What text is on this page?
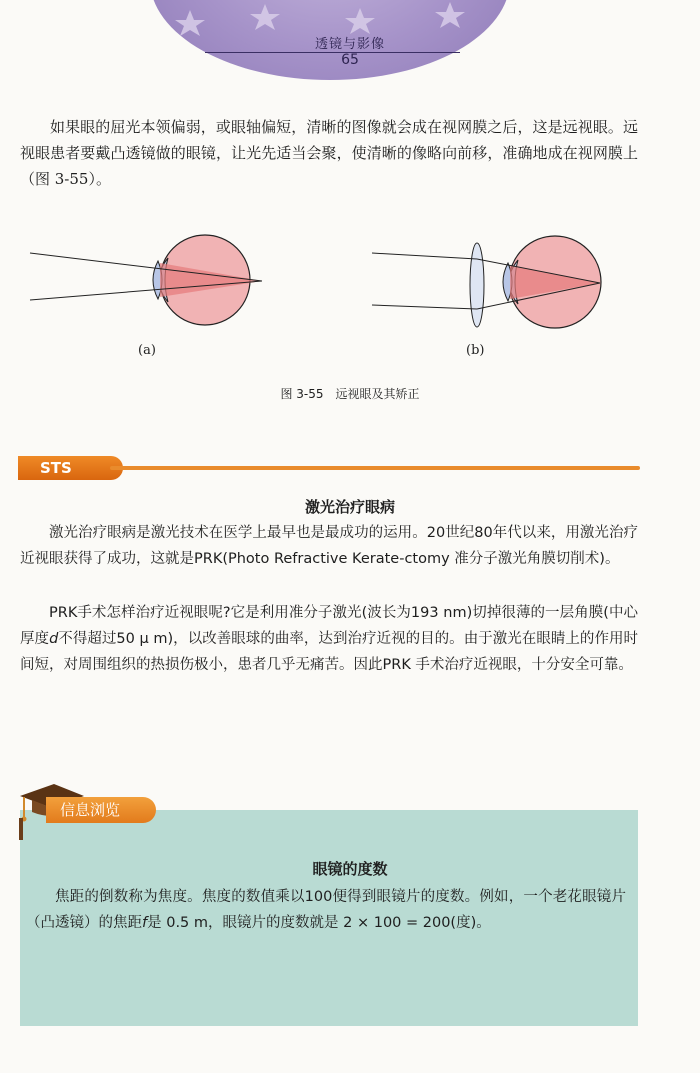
透镜与影像
65
如果眼的屈光本领偏弱，或眼轴偏短，清晰的图像就会成在视网膜之后，这是远视眼。远视眼患者要戴凸透镜做的眼镜，让光先适当会聚，使清晰的像略向前移，准确地成在视网膜上（图 3-55）。
(a)	(b)
图 3-55　远视眼及其矫正
STS
激光治疗眼病
激光治疗眼病是激光技术在医学上最早也是最成功的运用。20世纪80年代以来，用激光治疗近视眼获得了成功，这就是PRK(Photo Refractive Kerate-ctomy 准分子激光角膜切削术)。
PRK手术怎样治疗近视眼呢?它是利用准分子激光(波长为193 nm)切掉很薄的一层角膜(中心厚度d不得超过50 μ m)，以改善眼球的曲率，达到治疗近视的目的。由于激光在眼睛上的作用时间短，对周围组织的热损伤极小，患者几乎无痛苦。因此PRK 手术治疗近视眼，十分安全可靠。
信息浏览
眼镜的度数
焦距的倒数称为焦度。焦度的数值乘以100便得到眼镜片的度数。例如，一个老花眼镜片（凸透镜）的焦距f是 0.5 m，眼镜片的度数就是 2 × 100 = 200(度)。
